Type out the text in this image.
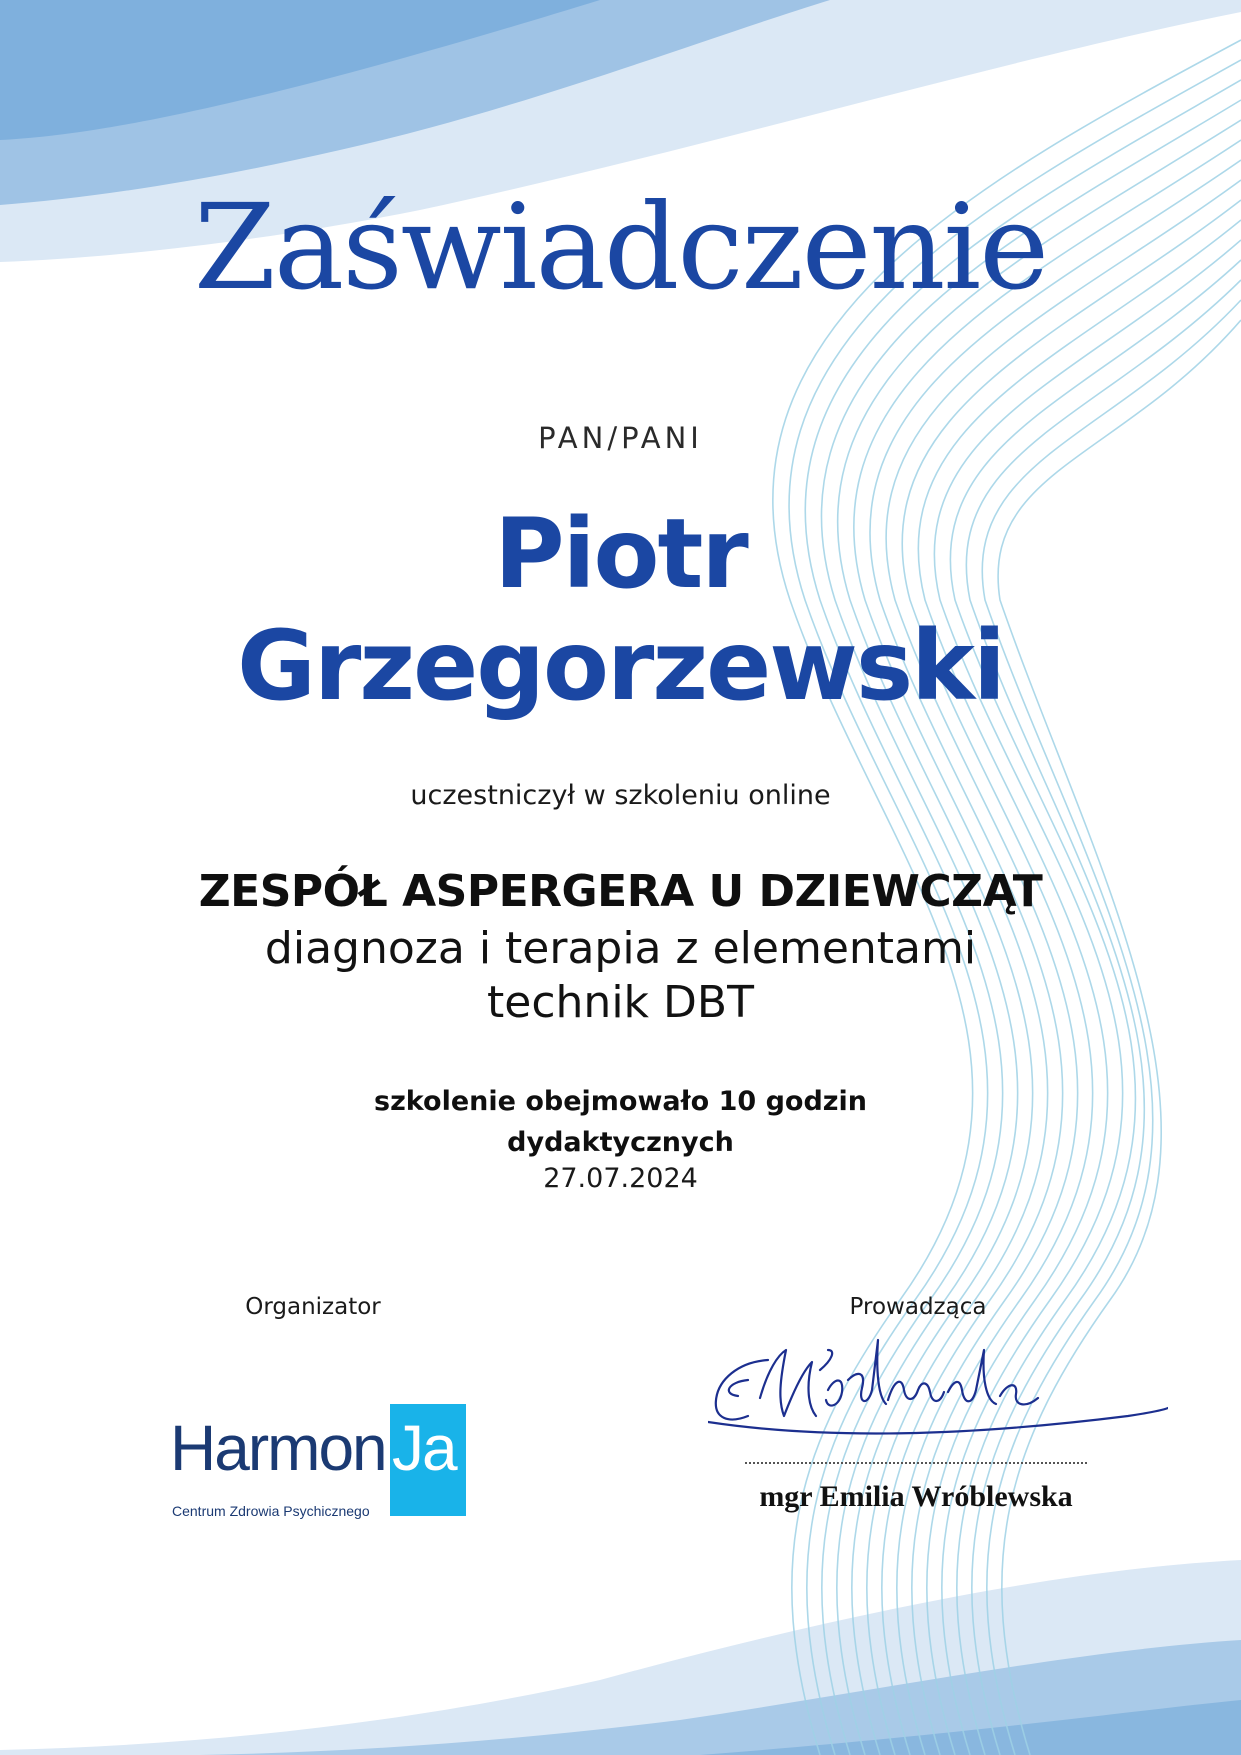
Zaświadczenie
PAN/PANI
Piotr
Grzegorzewski
uczestniczył w szkoleniu online
ZESPÓŁ ASPERGERA U DZIEWCZĄT
diagnoza i terapia z elementami
technik DBT
szkolenie obejmowało 10 godzin
dydaktycznych
27.07.2024
Organizator	Prowadząca
Harmon Ja
Centrum Zdrowia Psychicznego	mgr Emilia Wróblewska
